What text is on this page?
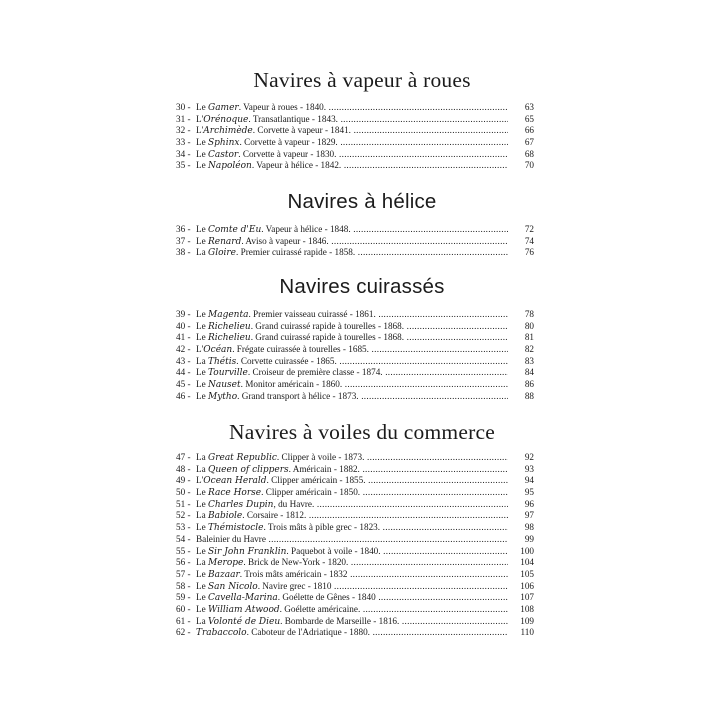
Navires à vapeur à roues
30 - Le Gamer. Vapeur à roues - 1840. .....	63
31 - L'Orénoque. Transatlantique - 1843. .....	65
32 - L'Archimède. Corvette à vapeur - 1841. .....	66
33 - Le Sphinx. Corvette à vapeur - 1829. .....	67
34 - Le Castor. Corvette à vapeur - 1830. .....	68
35 - Le Napoléon. Vapeur à hélice - 1842. .....	70
Navires à hélice
36 - Le Comte d'Eu. Vapeur à hélice - 1848. .....	72
37 - Le Renard. Aviso à vapeur - 1846. .....	74
38 - La Gloire. Premier cuirassé rapide - 1858. .....	76
Navires cuirassés
39 - Le Magenta. Premier vaisseau cuirassé - 1861. .....	78
40 - Le Richelieu. Grand cuirassé rapide à tourelles - 1868. .....	80
41 - Le Richelieu. Grand cuirassé rapide à tourelles - 1868. .....	81
42 - L'Océan. Frégate cuirassée à tourelles - 1685. .....	82
43 - La Thétis. Corvette cuirassée - 1865. .....	83
44 - Le Tourville. Croiseur de première classe - 1874. .....	84
45 - Le Nauset. Monitor américain - 1860. .....	86
46 - Le Mytho. Grand transport à hélice - 1873. .....	88
Navires à voiles du commerce
47 - La Great Republic. Clipper à voile - 1873. .....	92
48 - La Queen of clippers. Américain - 1882. .....	93
49 - L'Ocean Herald. Clipper américain - 1855. .....	94
50 - Le Race Horse. Clipper américain - 1850. .....	95
51 - Le Charles Dupin, du Havre. .....	96
52 - La Babiole. Corsaire - 1812. .....	97
53 - Le Thémistocle. Trois mâts à pible grec - 1823. .....	98
54 - Baleinier du Havre .....	99
55 - Le Sir John Franklin. Paquebot à voile - 1840. .....	100
56 - La Merope. Brick de New-York - 1820. .....	104
57 - Le Bazaar. Trois mâts américain - 1832 .....	105
58 - Le San Nicolo. Navire grec - 1810 .....	106
59 - Le Cavella-Marina. Goélette de Gênes - 1840 .....	107
60 - Le William Atwood. Goélette américaine. .....	108
61 - La Volonté de Dieu. Bombarde de Marseille - 1816. .....	109
62 - Trabaccolo. Caboteur de l'Adriatique - 1880. .....	110
